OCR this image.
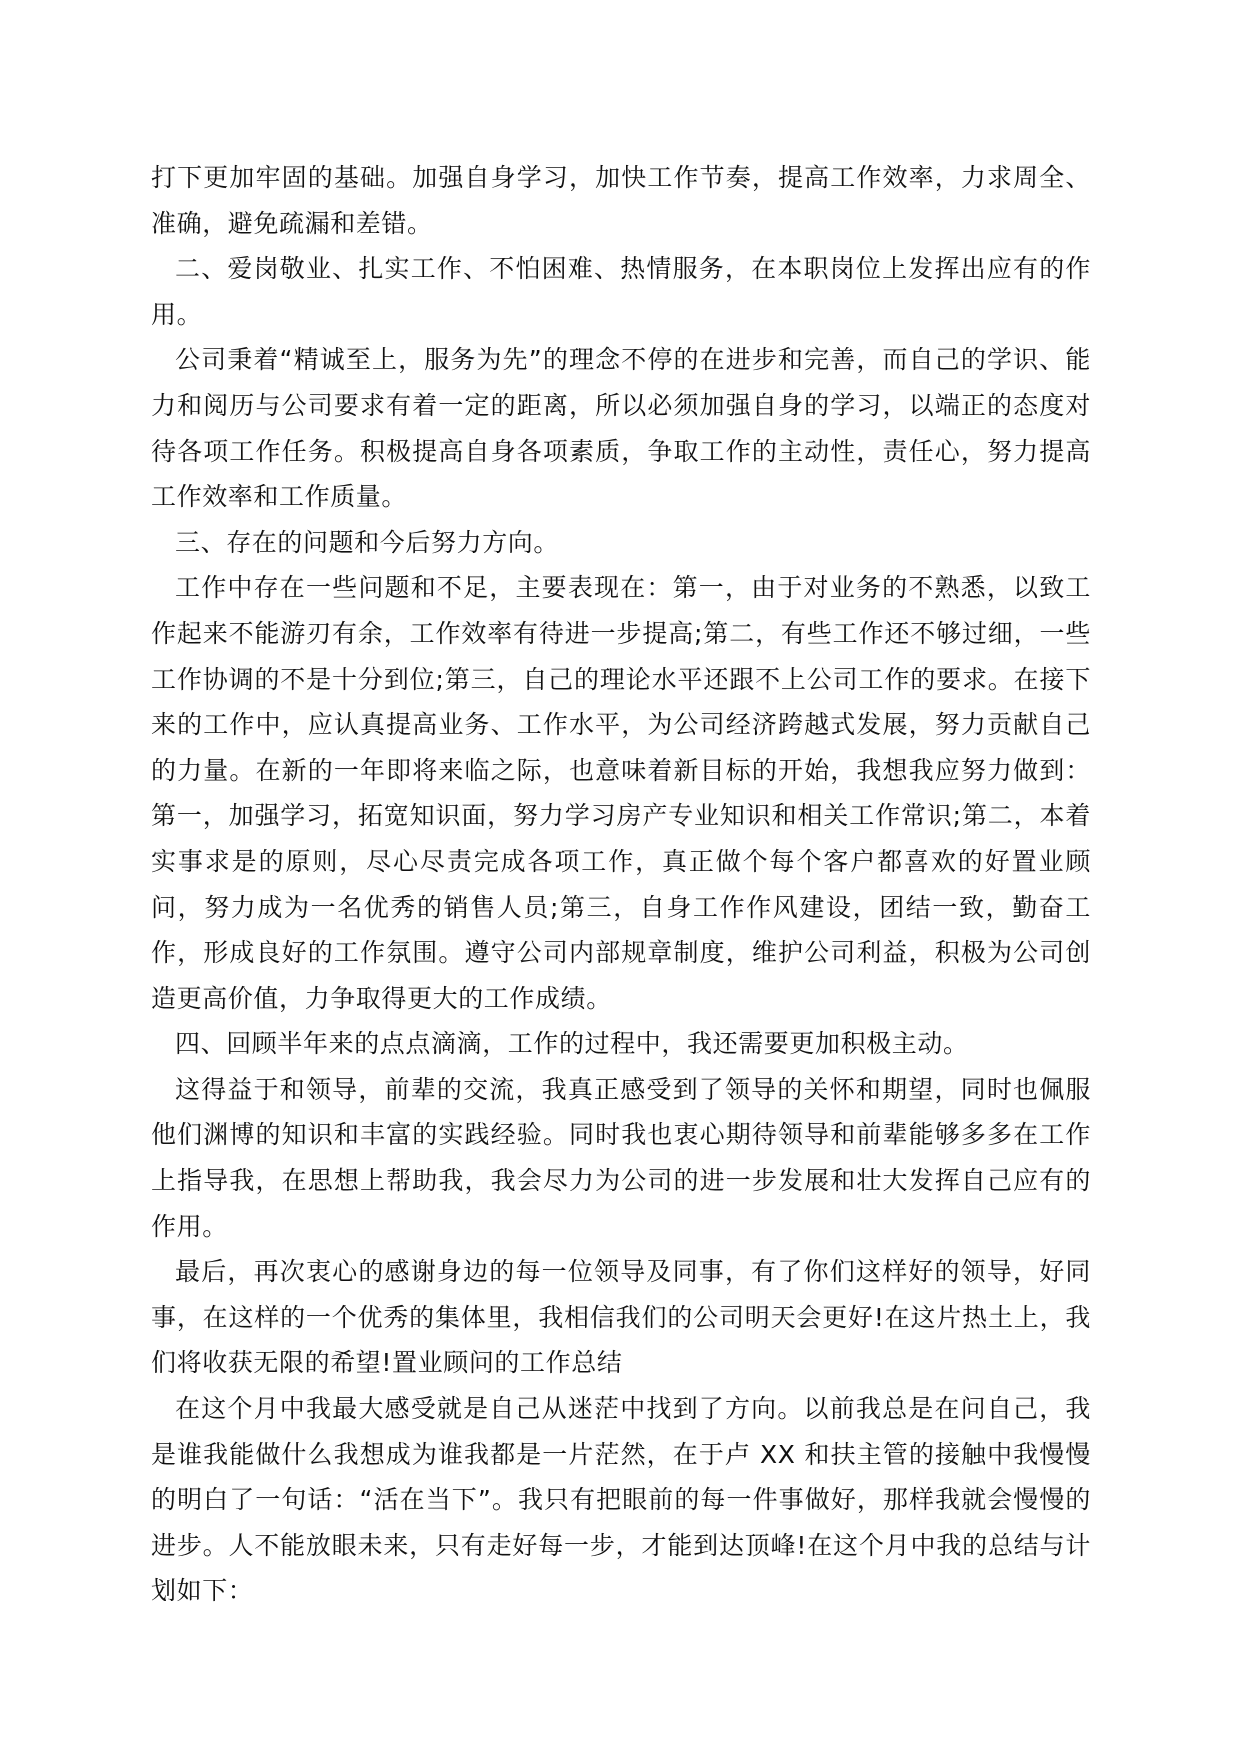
打下更加牢固的基础。加强自身学习，加快工作节奏，提高工作效率，力求周全、准确，避免疏漏和差错。

二、爱岗敬业、扎实工作、不怕困难、热情服务，在本职岗位上发挥出应有的作用。

公司秉着“精诚至上，服务为先”的理念不停的在进步和完善，而自己的学识、能力和阅历与公司要求有着一定的距离，所以必须加强自身的学习，以端正的态度对待各项工作任务。积极提高自身各项素质，争取工作的主动性，责任心，努力提高工作效率和工作质量。

三、存在的问题和今后努力方向。

工作中存在一些问题和不足，主要表现在：第一，由于对业务的不熟悉，以致工作起来不能游刃有余，工作效率有待进一步提高;第二，有些工作还不够过细，一些工作协调的不是十分到位;第三，自己的理论水平还跟不上公司工作的要求。在接下来的工作中，应认真提高业务、工作水平，为公司经济跨越式发展，努力贡献自己的力量。在新的一年即将来临之际，也意味着新目标的开始，我想我应努力做到：第一，加强学习，拓宽知识面，努力学习房产专业知识和相关工作常识;第二，本着实事求是的原则，尽心尽责完成各项工作，真正做个每个客户都喜欢的好置业顾问，努力成为一名优秀的销售人员;第三，自身工作作风建设，团结一致，勤奋工作，形成良好的工作氛围。遵守公司内部规章制度，维护公司利益，积极为公司创造更高价值，力争取得更大的工作成绩。

四、回顾半年来的点点滴滴，工作的过程中，我还需要更加积极主动。

这得益于和领导，前辈的交流，我真正感受到了领导的关怀和期望，同时也佩服他们渊博的知识和丰富的实践经验。同时我也衷心期待领导和前辈能够多多在工作上指导我，在思想上帮助我，我会尽力为公司的进一步发展和壮大发挥自己应有的作用。

最后，再次衷心的感谢身边的每一位领导及同事，有了你们这样好的领导，好同事，在这样的一个优秀的集体里，我相信我们的公司明天会更好!在这片热土上，我们将收获无限的希望!置业顾问的工作总结

在这个月中我最大感受就是自己从迷茫中找到了方向。以前我总是在问自己，我是谁我能做什么我想成为谁我都是一片茫然，在于卢 XX 和扶主管的接触中我慢慢的明白了一句话：“活在当下”。我只有把眼前的每一件事做好，那样我就会慢慢的进步。人不能放眼未来，只有走好每一步，才能到达顶峰!在这个月中我的总结与计划如下：
